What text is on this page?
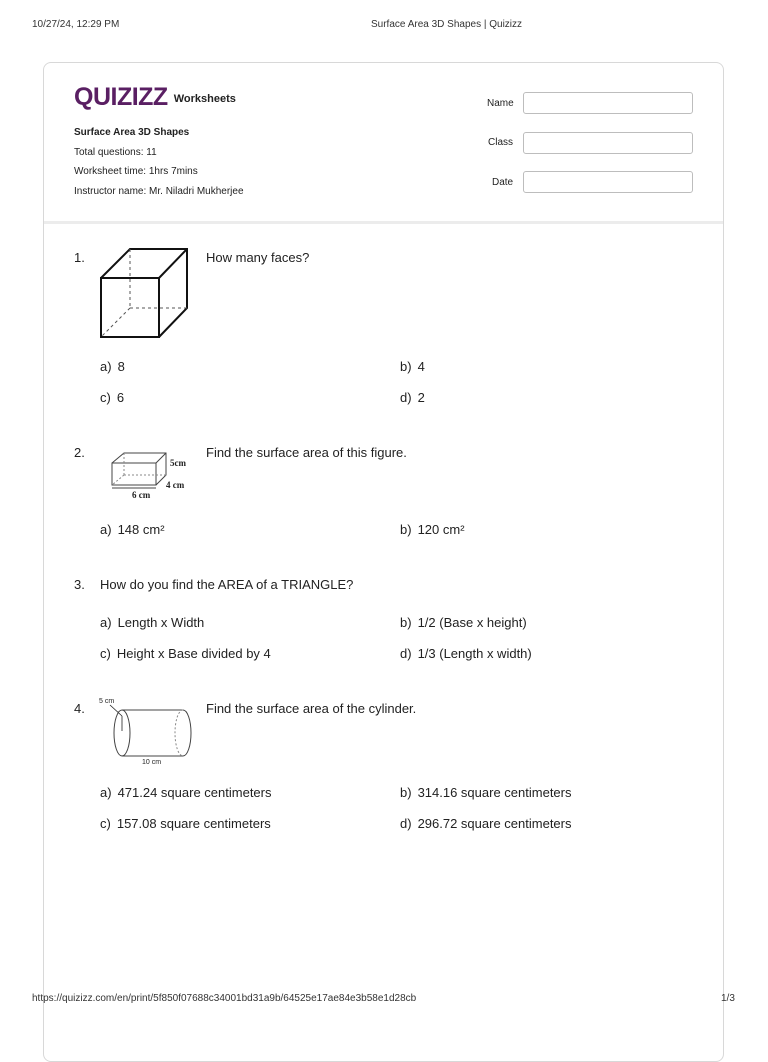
10/27/24, 12:29 PM	Surface Area 3D Shapes | Quizizz
QUIZIZZ Worksheets
Surface Area 3D Shapes
Total questions: 11
Worksheet time: 1hrs 7mins
Instructor name: Mr. Niladri Mukherjee
Name
Class
Date
1.	How many faces?
a) 8	b) 4
c) 6	d) 2
2.
5cm
4 cm
6 cm
Find the surface area of this figure.
a) 148 cm²	b) 120 cm²
3. How do you find the AREA of a TRIANGLE?
a) Length x Width	b) 1/2 (Base x height)
c) Height x Base divided by 4	d) 1/3 (Length x width)
4. 5 cm
10 cm
Find the surface area of the cylinder.
a) 471.24 square centimeters	b) 314.16 square centimeters
c) 157.08 square centimeters	d) 296.72 square centimeters
https://quizizz.com/en/print/5f850f07688c34001bd31a9b/64525e17ae84e3b58e1d28cb	1/3
